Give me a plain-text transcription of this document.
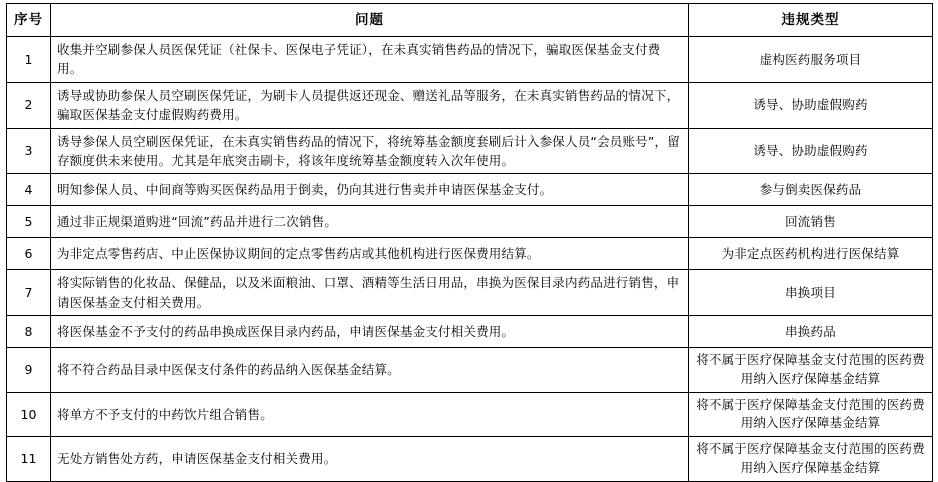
序号	问题	违规类型
1	收集并空刷参保人员医保凭证（社保卡、医保电子凭证），在未真实销售药品的情况下，骗取医保基金支付费用。	虚构医药服务项目
2	诱导或协助参保人员空刷医保凭证，为刷卡人员提供返还现金、赠送礼品等服务，在未真实销售药品的情况下，骗取医保基金支付虚假购药费用。	诱导、协助虚假购药
3	诱导参保人员空刷医保凭证，在未真实销售药品的情况下，将统筹基金额度套刷后计入参保人员“会员账号”，留存额度供未来使用。尤其是年底突击刷卡，将该年度统筹基金额度转入次年使用。	诱导、协助虚假购药
4	明知参保人员、中间商等购买医保药品用于倒卖，仍向其进行售卖并申请医保基金支付。	参与倒卖医保药品
5	通过非正规渠道购进“回流”药品并进行二次销售。	回流销售
6	为非定点零售药店、中止医保协议期间的定点零售药店或其他机构进行医保费用结算。	为非定点医药机构进行医保结算
7	将实际销售的化妆品、保健品，以及米面粮油、口罩、酒精等生活日用品，串换为医保目录内药品进行销售，申请医保基金支付相关费用。	串换项目
8	将医保基金不予支付的药品串换成医保目录内药品，申请医保基金支付相关费用。	串换药品
9	将不符合药品目录中医保支付条件的药品纳入医保基金结算。	将不属于医疗保障基金支付范围的医药费用纳入医疗保障基金结算
10	将单方不予支付的中药饮片组合销售。	将不属于医疗保障基金支付范围的医药费用纳入医疗保障基金结算
11	无处方销售处方药，申请医保基金支付相关费用。	将不属于医疗保障基金支付范围的医药费用纳入医疗保障基金结算
